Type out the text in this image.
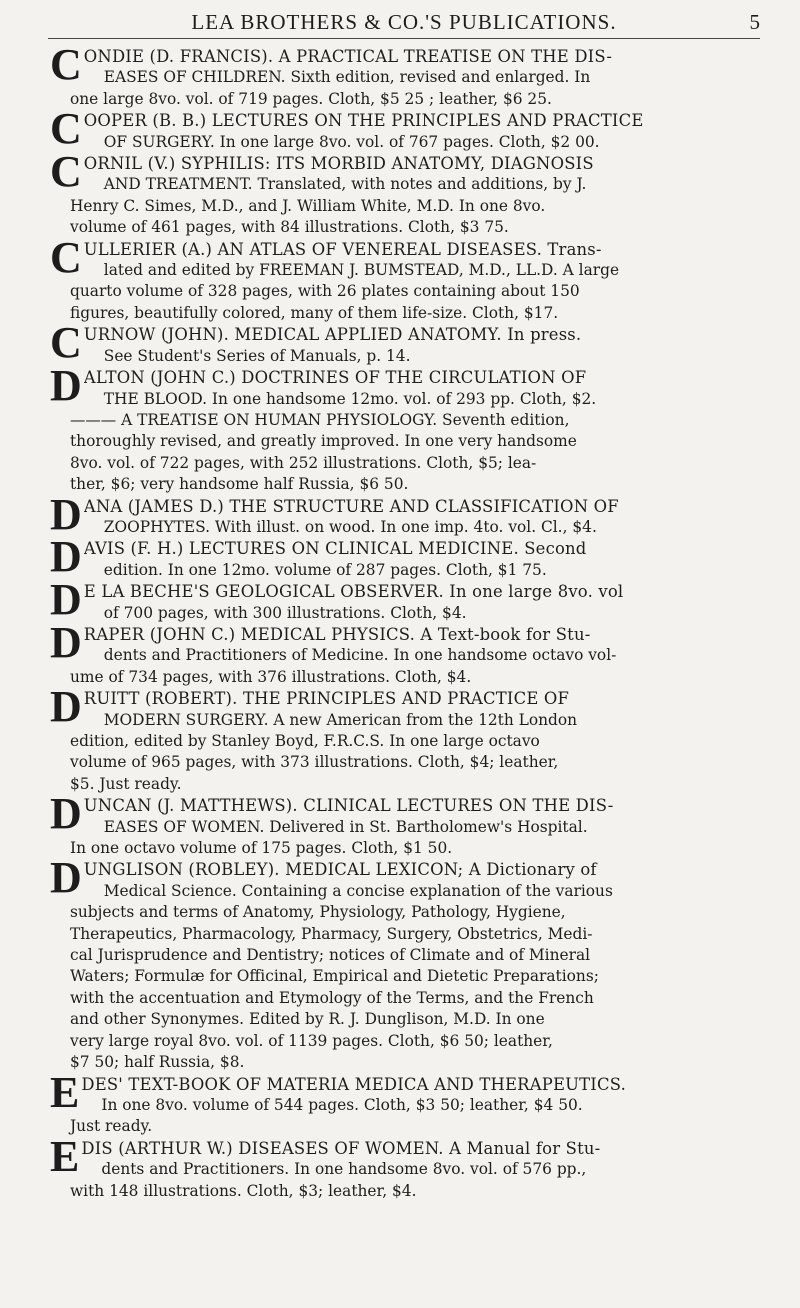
LEA BROTHERS & CO.'S PUBLICATIONS.	5
C ONDIE (D. FRANCIS). A PRACTICAL TREATISE ON THE DIS-
EASES OF CHILDREN. Sixth edition, revised and enlarged. In
one large 8vo. vol. of 719 pages. Cloth, $5 25 ; leather, $6 25.
C OOPER (B. B.) LECTURES ON THE PRINCIPLES AND PRACTICE
OF SURGERY. In one large 8vo. vol. of 767 pages. Cloth, $2 00.
C ORNIL (V.) SYPHILIS: ITS MORBID ANATOMY, DIAGNOSIS
AND TREATMENT. Translated, with notes and additions, by J.
Henry C. Simes, M.D., and J. William White, M.D. In one 8vo.
volume of 461 pages, with 84 illustrations. Cloth, $3 75.
C ULLERIER (A.) AN ATLAS OF VENEREAL DISEASES. Trans-
lated and edited by FREEMAN J. BUMSTEAD, M.D., LL.D. A large
quarto volume of 328 pages, with 26 plates containing about 150
figures, beautifully colored, many of them life-size. Cloth, $17.
C URNOW (JOHN). MEDICAL APPLIED ANATOMY. In press.
See Student's Series of Manuals, p. 14.
D ALTON (JOHN C.) DOCTRINES OF THE CIRCULATION OF
THE BLOOD. In one handsome 12mo. vol. of 293 pp. Cloth, $2.
——— A TREATISE ON HUMAN PHYSIOLOGY. Seventh edition,
thoroughly revised, and greatly improved. In one very handsome
8vo. vol. of 722 pages, with 252 illustrations. Cloth, $5; lea-
ther, $6; very handsome half Russia, $6 50.
D ANA (JAMES D.) THE STRUCTURE AND CLASSIFICATION OF
ZOOPHYTES. With illust. on wood. In one imp. 4to. vol. Cl., $4.
D AVIS (F. H.) LECTURES ON CLINICAL MEDICINE. Second
edition. In one 12mo. volume of 287 pages. Cloth, $1 75.
D E LA BECHE'S GEOLOGICAL OBSERVER. In one large 8vo. vol
of 700 pages, with 300 illustrations. Cloth, $4.
D RAPER (JOHN C.) MEDICAL PHYSICS. A Text-book for Stu-
dents and Practitioners of Medicine. In one handsome octavo vol-
ume of 734 pages, with 376 illustrations. Cloth, $4.
D RUITT (ROBERT). THE PRINCIPLES AND PRACTICE OF
MODERN SURGERY. A new American from the 12th London
edition, edited by Stanley Boyd, F.R.C.S. In one large octavo
volume of 965 pages, with 373 illustrations. Cloth, $4; leather,
$5. Just ready.
D UNCAN (J. MATTHEWS). CLINICAL LECTURES ON THE DIS-
EASES OF WOMEN. Delivered in St. Bartholomew's Hospital.
In one octavo volume of 175 pages. Cloth, $1 50.
D UNGLISON (ROBLEY). MEDICAL LEXICON; A Dictionary of
Medical Science. Containing a concise explanation of the various
subjects and terms of Anatomy, Physiology, Pathology, Hygiene,
Therapeutics, Pharmacology, Pharmacy, Surgery, Obstetrics, Medi-
cal Jurisprudence and Dentistry; notices of Climate and of Mineral
Waters; Formulæ for Officinal, Empirical and Dietetic Preparations;
with the accentuation and Etymology of the Terms, and the French
and other Synonymes. Edited by R. J. Dunglison, M.D. In one
very large royal 8vo. vol. of 1139 pages. Cloth, $6 50; leather,
$7 50; half Russia, $8.
E DES' TEXT-BOOK OF MATERIA MEDICA AND THERAPEUTICS.
In one 8vo. volume of 544 pages. Cloth, $3 50; leather, $4 50.
Just ready.
E DIS (ARTHUR W.) DISEASES OF WOMEN. A Manual for Stu-
dents and Practitioners. In one handsome 8vo. vol. of 576 pp.,
with 148 illustrations. Cloth, $3; leather, $4.
